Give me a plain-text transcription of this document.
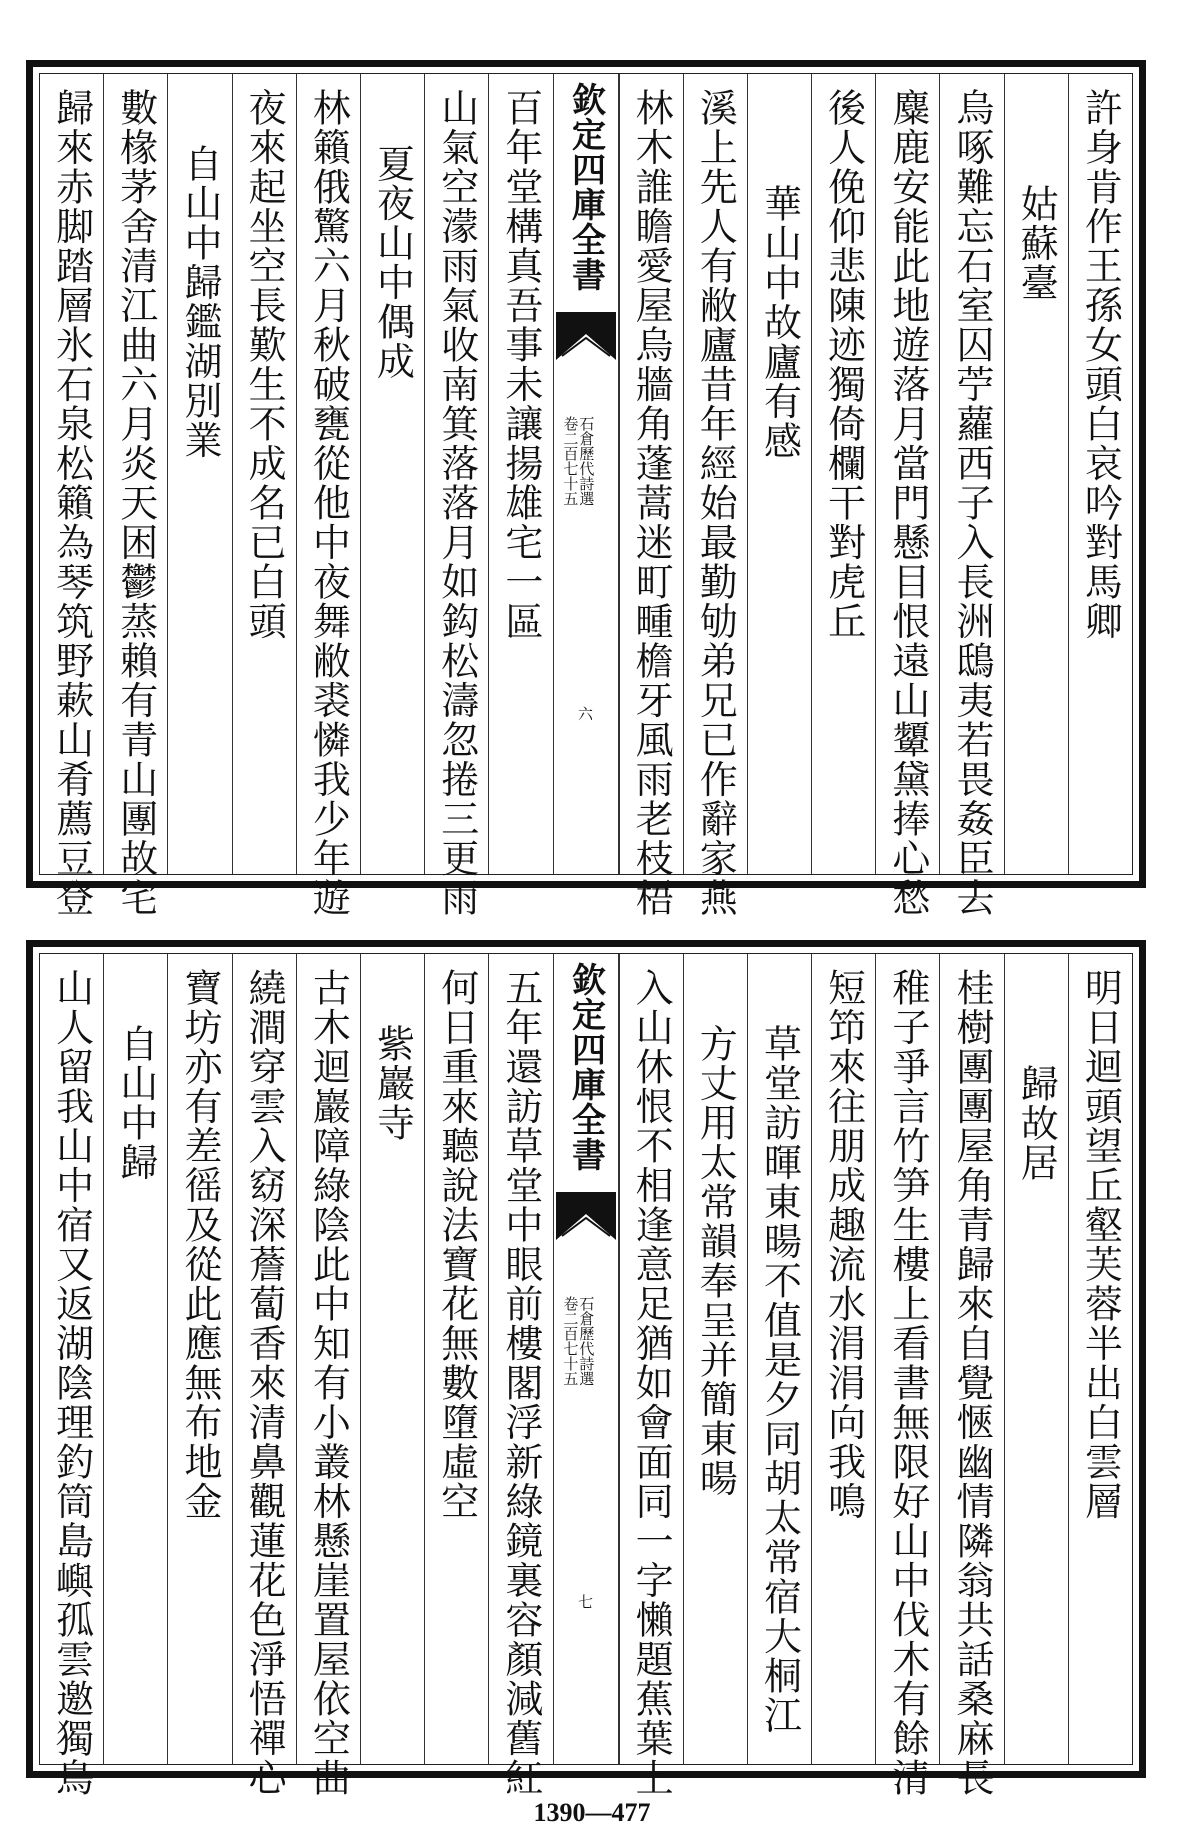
許身肯作王孫女頭白哀吟對馬卿
姑蘇臺
烏啄難忘石室囚苧蘿西子入長洲鴟夷若畏姦臣去
麋鹿安能此地遊落月當門懸目恨遠山顰黛捧心愁
後人俛仰悲陳迹獨倚欄干對虎丘
華山中故廬有感
溪上先人有敝廬昔年經始最勤劬弟兄已作辭家燕
林木誰瞻愛屋烏牆角蓬蒿迷町畽檐牙風雨老枝梧
欽定四庫全書
石倉歷代詩選
卷二百七十五
六
百年堂構真吾事未讓揚雄宅一區
山氣空濛雨氣收南箕落落月如鈎松濤忽捲三更雨
夏夜山中偶成
林籟俄驚六月秋破甕從他中夜舞敝裘憐我少年遊
夜來起坐空長歎生不成名已白頭
自山中歸鑑湖別業
數椽茅舍清江曲六月炎天困鬱蒸賴有青山團故宅
歸來赤脚踏層氷石泉松籟為琴筑野蔌山肴薦豆登
明日迴頭望丘壑芙蓉半出白雲層
歸故居
桂樹團團屋角青歸來自覺愜幽情隣翁共話桑麻長
稚子爭言竹笋生樓上看書無限好山中伐木有餘清
短笻來往朋成趣流水涓涓向我鳴
草堂訪暉東暘不值是夕同胡太常宿大桐江
方丈用太常韻奉呈并簡東暘
入山休恨不相逢意足猶如會面同一字懶題蕉葉上
欽定四庫全書
石倉歷代詩選
卷二百七十五
七
五年還訪草堂中眼前樓閣浮新綠鏡裏容顏減舊紅
何日重來聽說法寶花無數墮虛空
紫巖寺
古木迴巖障綠陰此中知有小叢林懸崖置屋依空曲
繞澗穿雲入窈深薝蔔香來清鼻觀蓮花色淨悟禪心
寶坊亦有差徭及從此應無布地金
自山中歸
山人留我山中宿又返湖陰理釣筒島嶼孤雲邀獨鳥
1390—477
